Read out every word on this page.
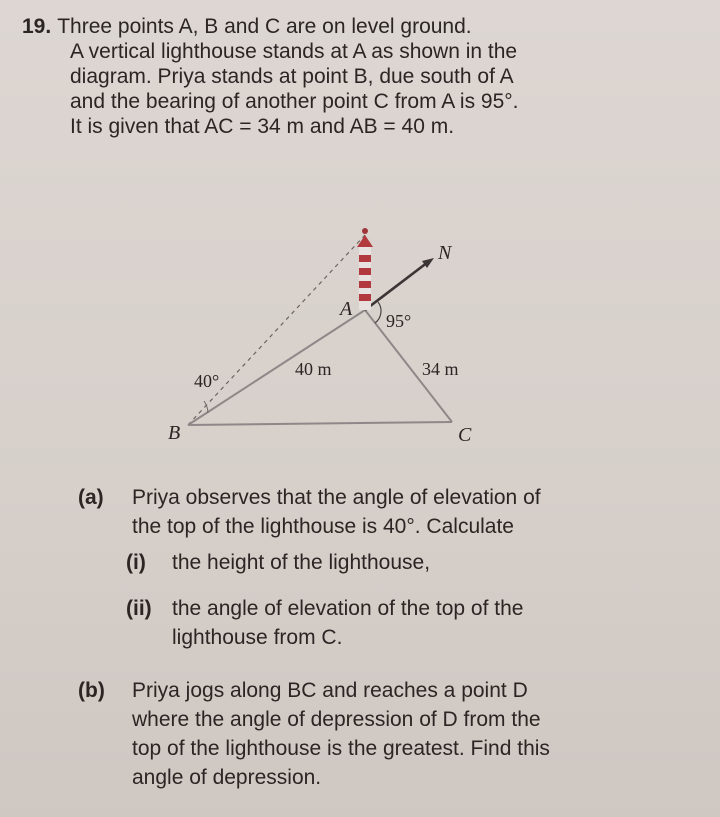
19. Three points A, B and C are on level ground.
A vertical lighthouse stands at A as shown in the
diagram. Priya stands at point B, due south of A
and the bearing of another point C from A is 95°.
It is given that AC = 34 m and AB = 40 m.
A
B	C
N
95°
40°
40 m	34 m
(a) Priya observes that the angle of elevation of
the top of the lighthouse is 40°. Calculate
(i) the height of the lighthouse,
(ii) the angle of elevation of the top of the
lighthouse from C.
(b) Priya jogs along BC and reaches a point D
where the angle of depression of D from the
top of the lighthouse is the greatest. Find this
angle of depression.
